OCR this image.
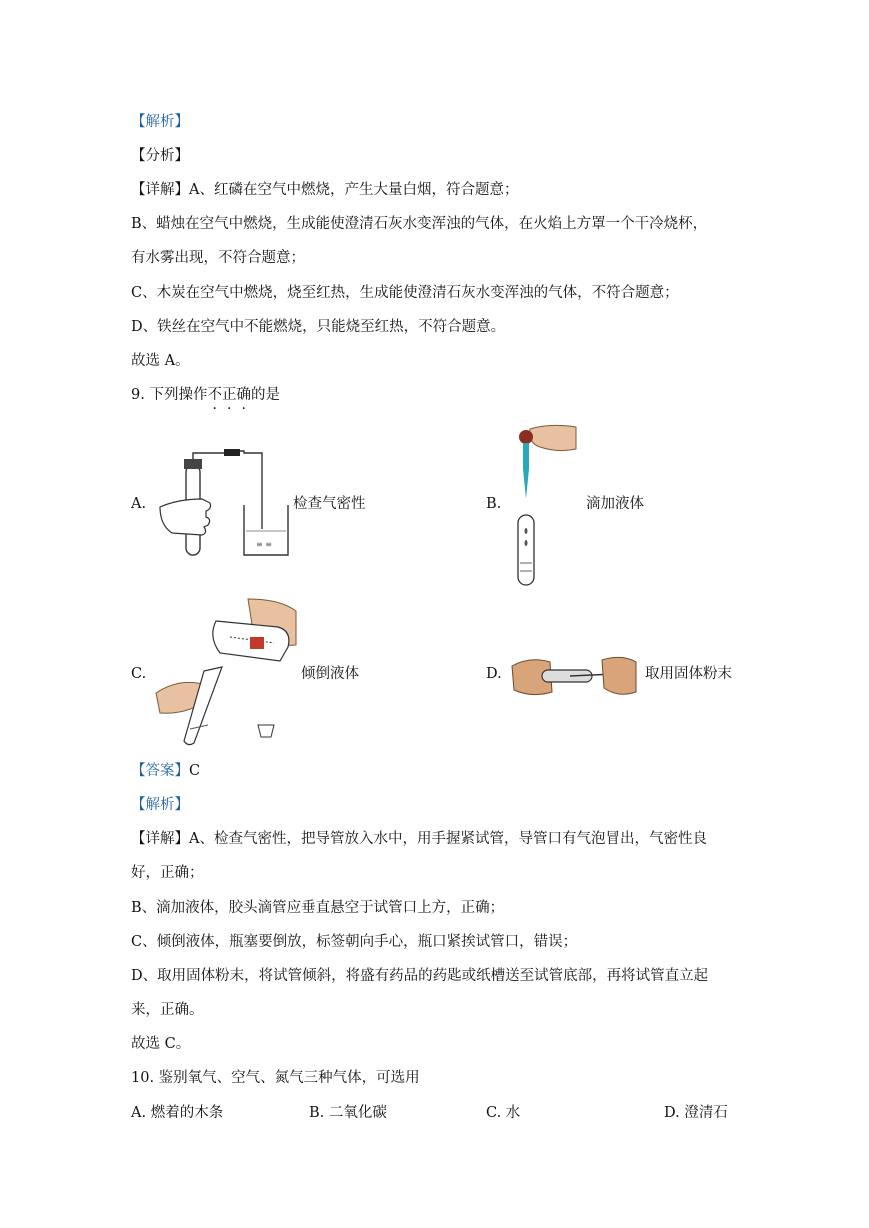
【解析】
【分析】
【详解】A、红磷在空气中燃烧，产生大量白烟，符合题意；
B、蜡烛在空气中燃烧，生成能使澄清石灰水变浑浊的气体，在火焰上方罩一个干冷烧杯，
有水雾出现，不符合题意；
C、木炭在空气中燃烧，烧至红热，生成能使澄清石灰水变浑浊的气体，不符合题意；
D、铁丝在空气中不能燃烧，只能烧至红热，不符合题意。
故选 A。
9. 下列操作不正确的是
A.
≡ ≡
检查气密性	B.	滴加液体
C.	倾倒液体	D.	取用固体粉末
【答案】C
【解析】
【详解】A、检查气密性，把导管放入水中，用手握紧试管，导管口有气泡冒出，气密性良
好，正确；
B、滴加液体，胶头滴管应垂直悬空于试管口上方，正确；
C、倾倒液体，瓶塞要倒放，标签朝向手心，瓶口紧挨试管口，错误；
D、取用固体粉末，将试管倾斜，将盛有药品的药匙或纸槽送至试管底部，再将试管直立起
来，正确。
故选 C。
10. 鉴别氧气、空气、氮气三种气体，可选用
A. 燃着的木条	B. 二氧化碳	C. 水	D. 澄清石
